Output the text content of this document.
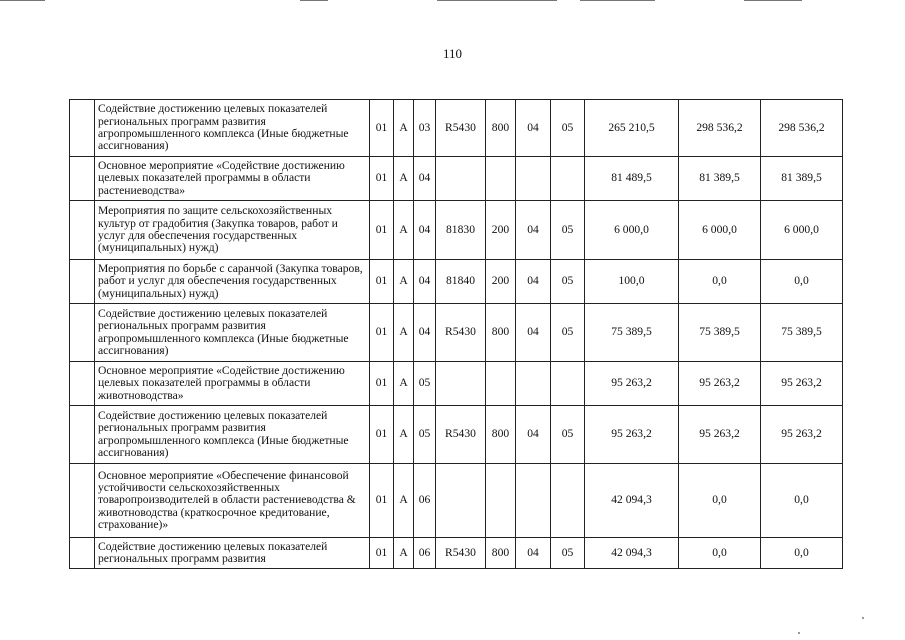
110
	Содействие достижению целевых показателей региональных программ развития агропромышленного комплекса (Иные бюджетные ассигнования)	01	А	03	R5430	800	04	05	265 210,5	298 536,2	298 536,2
	Основное мероприятие «Содействие достижению целевых показателей программы в области растениеводства»	01	А	04					81 489,5	81 389,5	81 389,5
	Мероприятия по защите сельскохозяйственных культур от градобития (Закупка товаров, работ и услуг для обеспечения государственных (муниципальных) нужд)	01	А	04	81830	200	04	05	6 000,0	6 000,0	6 000,0
	Мероприятия по борьбе с саранчой (Закупка товаров, работ и услуг для обеспечения государственных (муниципальных) нужд)	01	А	04	81840	200	04	05	100,0	0,0	0,0
	Содействие достижению целевых показателей региональных программ развития агропромышленного комплекса (Иные бюджетные ассигнования)	01	А	04	R5430	800	04	05	75 389,5	75 389,5	75 389,5
	Основное мероприятие «Содействие достижению целевых показателей программы в области животноводства»	01	А	05					95 263,2	95 263,2	95 263,2
	Содействие достижению целевых показателей региональных программ развития агропромышленного комплекса (Иные бюджетные ассигнования)	01	А	05	R5430	800	04	05	95 263,2	95 263,2	95 263,2
	Основное мероприятие «Обеспечение финансовой устойчивости сельскохозяйственных товаропроизводителей в области растениеводства & животноводства (краткосрочное кредитование, страхование)»	01	А	06					42 094,3	0,0	0,0
	Содействие достижению целевых показателей региональных программ развития	01	А	06	R5430	800	04	05	42 094,3	0,0	0,0
